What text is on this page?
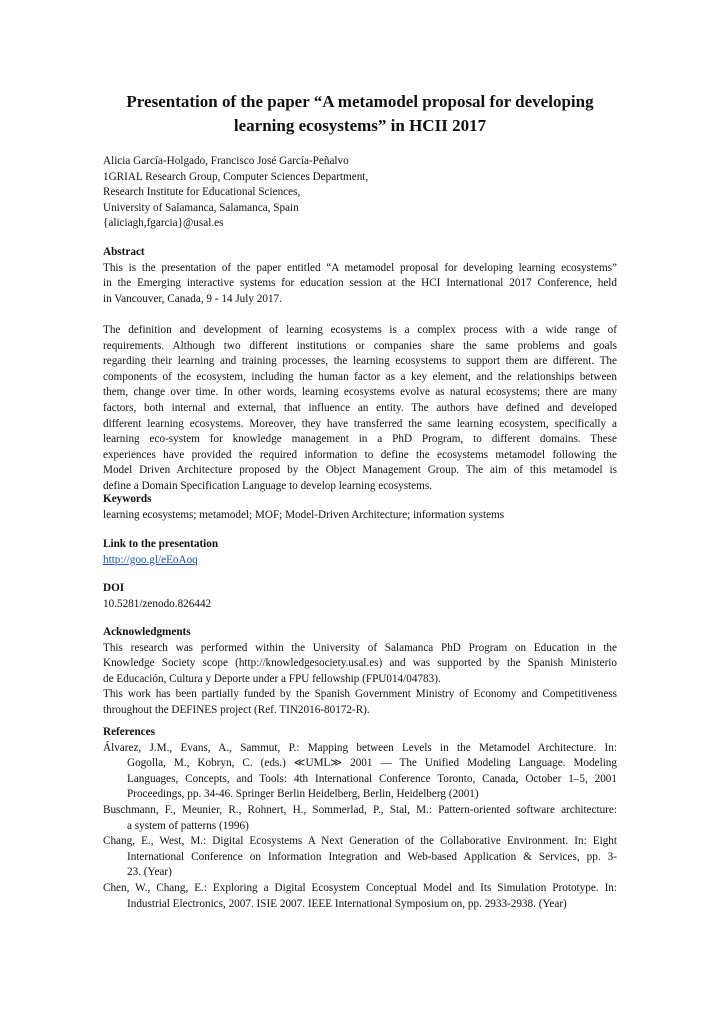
Presentation of the paper “A metamodel proposal for developing
learning ecosystems” in HCII 2017
Alicia García-Holgado, Francisco José García-Peñalvo
1GRIAL Research Group, Computer Sciences Department,
Research Institute for Educational Sciences,
University of Salamanca, Salamanca, Spain
{aliciagh,fgarcia}@usal.es
Abstract
This is the presentation of the paper entitled “A metamodel proposal for developing learning ecosystems”
in the Emerging interactive systems for education session at the HCI International 2017 Conference, held
in Vancouver, Canada, 9 - 14 July 2017.
The definition and development of learning ecosystems is a complex process with a wide range of
requirements. Although two different institutions or companies share the same problems and goals
regarding their learning and training processes, the learning ecosystems to support them are different. The
components of the ecosystem, including the human factor as a key element, and the relationships between
them, change over time. In other words, learning ecosystems evolve as natural ecosystems; there are many
factors, both internal and external, that influence an entity. The authors have defined and developed
different learning ecosystems. Moreover, they have transferred the same learning ecosystem, specifically a
learning eco-system for knowledge management in a PhD Program, to different domains. These
experiences have provided the required information to define the ecosystems metamodel following the
Model Driven Architecture proposed by the Object Management Group. The aim of this metamodel is
define a Domain Specification Language to develop learning ecosystems.
Keywords
learning ecosystems; metamodel; MOF; Model-Driven Architecture; information systems
Link to the presentation
http://goo.gl/eEoAoq
DOI
10.5281/zenodo.826442
Acknowledgments
This research was performed within the University of Salamanca PhD Program on Education in the
Knowledge Society scope (http://knowledgesociety.usal.es) and was supported by the Spanish Ministerio
de Educación, Cultura y Deporte under a FPU fellowship (FPU014/04783).
This work has been partially funded by the Spanish Government Ministry of Economy and Competitiveness
throughout the DEFINES project (Ref. TIN2016-80172-R).
References
Álvarez, J.M., Evans, A., Sammut, P.: Mapping between Levels in the Metamodel Architecture. In:
Gogolla, M., Kobryn, C. (eds.) ≪UML≫ 2001 — The Unified Modeling Language. Modeling
Languages, Concepts, and Tools: 4th International Conference Toronto, Canada, October 1–5, 2001
Proceedings, pp. 34-46. Springer Berlin Heidelberg, Berlin, Heidelberg (2001)
Buschmann, F., Meunier, R., Rohnert, H., Sommerlad, P., Stal, M.: Pattern-oriented software architecture:
a system of patterns (1996)
Chang, E., West, M.: Digital Ecosystems A Next Generation of the Collaborative Environment. In: Eight
International Conference on Information Integration and Web-based Application & Services, pp. 3-
23. (Year)
Chen, W., Chang, E.: Exploring a Digital Ecosystem Conceptual Model and Its Simulation Prototype. In:
Industrial Electronics, 2007. ISIE 2007. IEEE International Symposium on, pp. 2933-2938. (Year)
